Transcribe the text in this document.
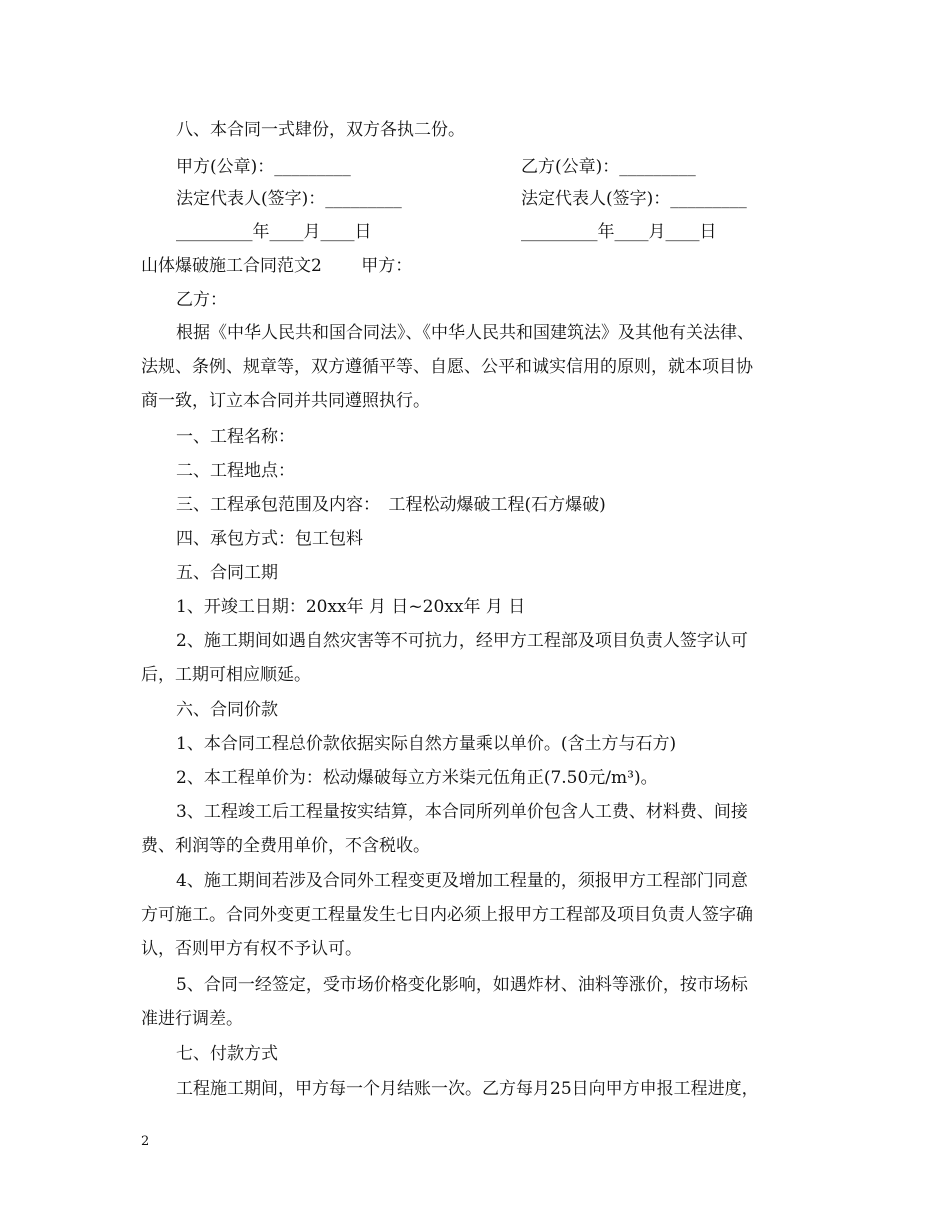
八、本合同一式肆份，双方各执二份。
甲方(公章)：_________	乙方(公章)：_________
法定代表人(签字)：_________	法定代表人(签字)：_________
_________年____月____日	_________年____月____日
山体爆破施工合同范文2　　 甲方：
乙方：
根据《中华人民共和国合同法》、《中华人民共和国建筑法》及其他有关法律、
法规、条例、规章等，双方遵循平等、自愿、公平和诚实信用的原则，就本项目协
商一致，订立本合同并共同遵照执行。
一、工程名称：
二、工程地点：
三、工程承包范围及内容：　工程松动爆破工程(石方爆破)
四、承包方式：包工包料
五、合同工期
1、开竣工日期：20xx年 月 日~20xx年 月 日
2、施工期间如遇自然灾害等不可抗力，经甲方工程部及项目负责人签字认可
后，工期可相应顺延。
六、合同价款
1、本合同工程总价款依据实际自然方量乘以单价。(含土方与石方)
2、本工程单价为：松动爆破每立方米柒元伍角正(7.50元/m³)。
3、工程竣工后工程量按实结算，本合同所列单价包含人工费、材料费、间接
费、利润等的全费用单价，不含税收。
4、施工期间若涉及合同外工程变更及增加工程量的，须报甲方工程部门同意
方可施工。合同外变更工程量发生七日内必须上报甲方工程部及项目负责人签字确
认，否则甲方有权不予认可。
5、合同一经签定，受市场价格变化影响，如遇炸材、油料等涨价，按市场标
准进行调差。
七、付款方式
工程施工期间，甲方每一个月结账一次。乙方每月25日向甲方申报工程进度，
2
